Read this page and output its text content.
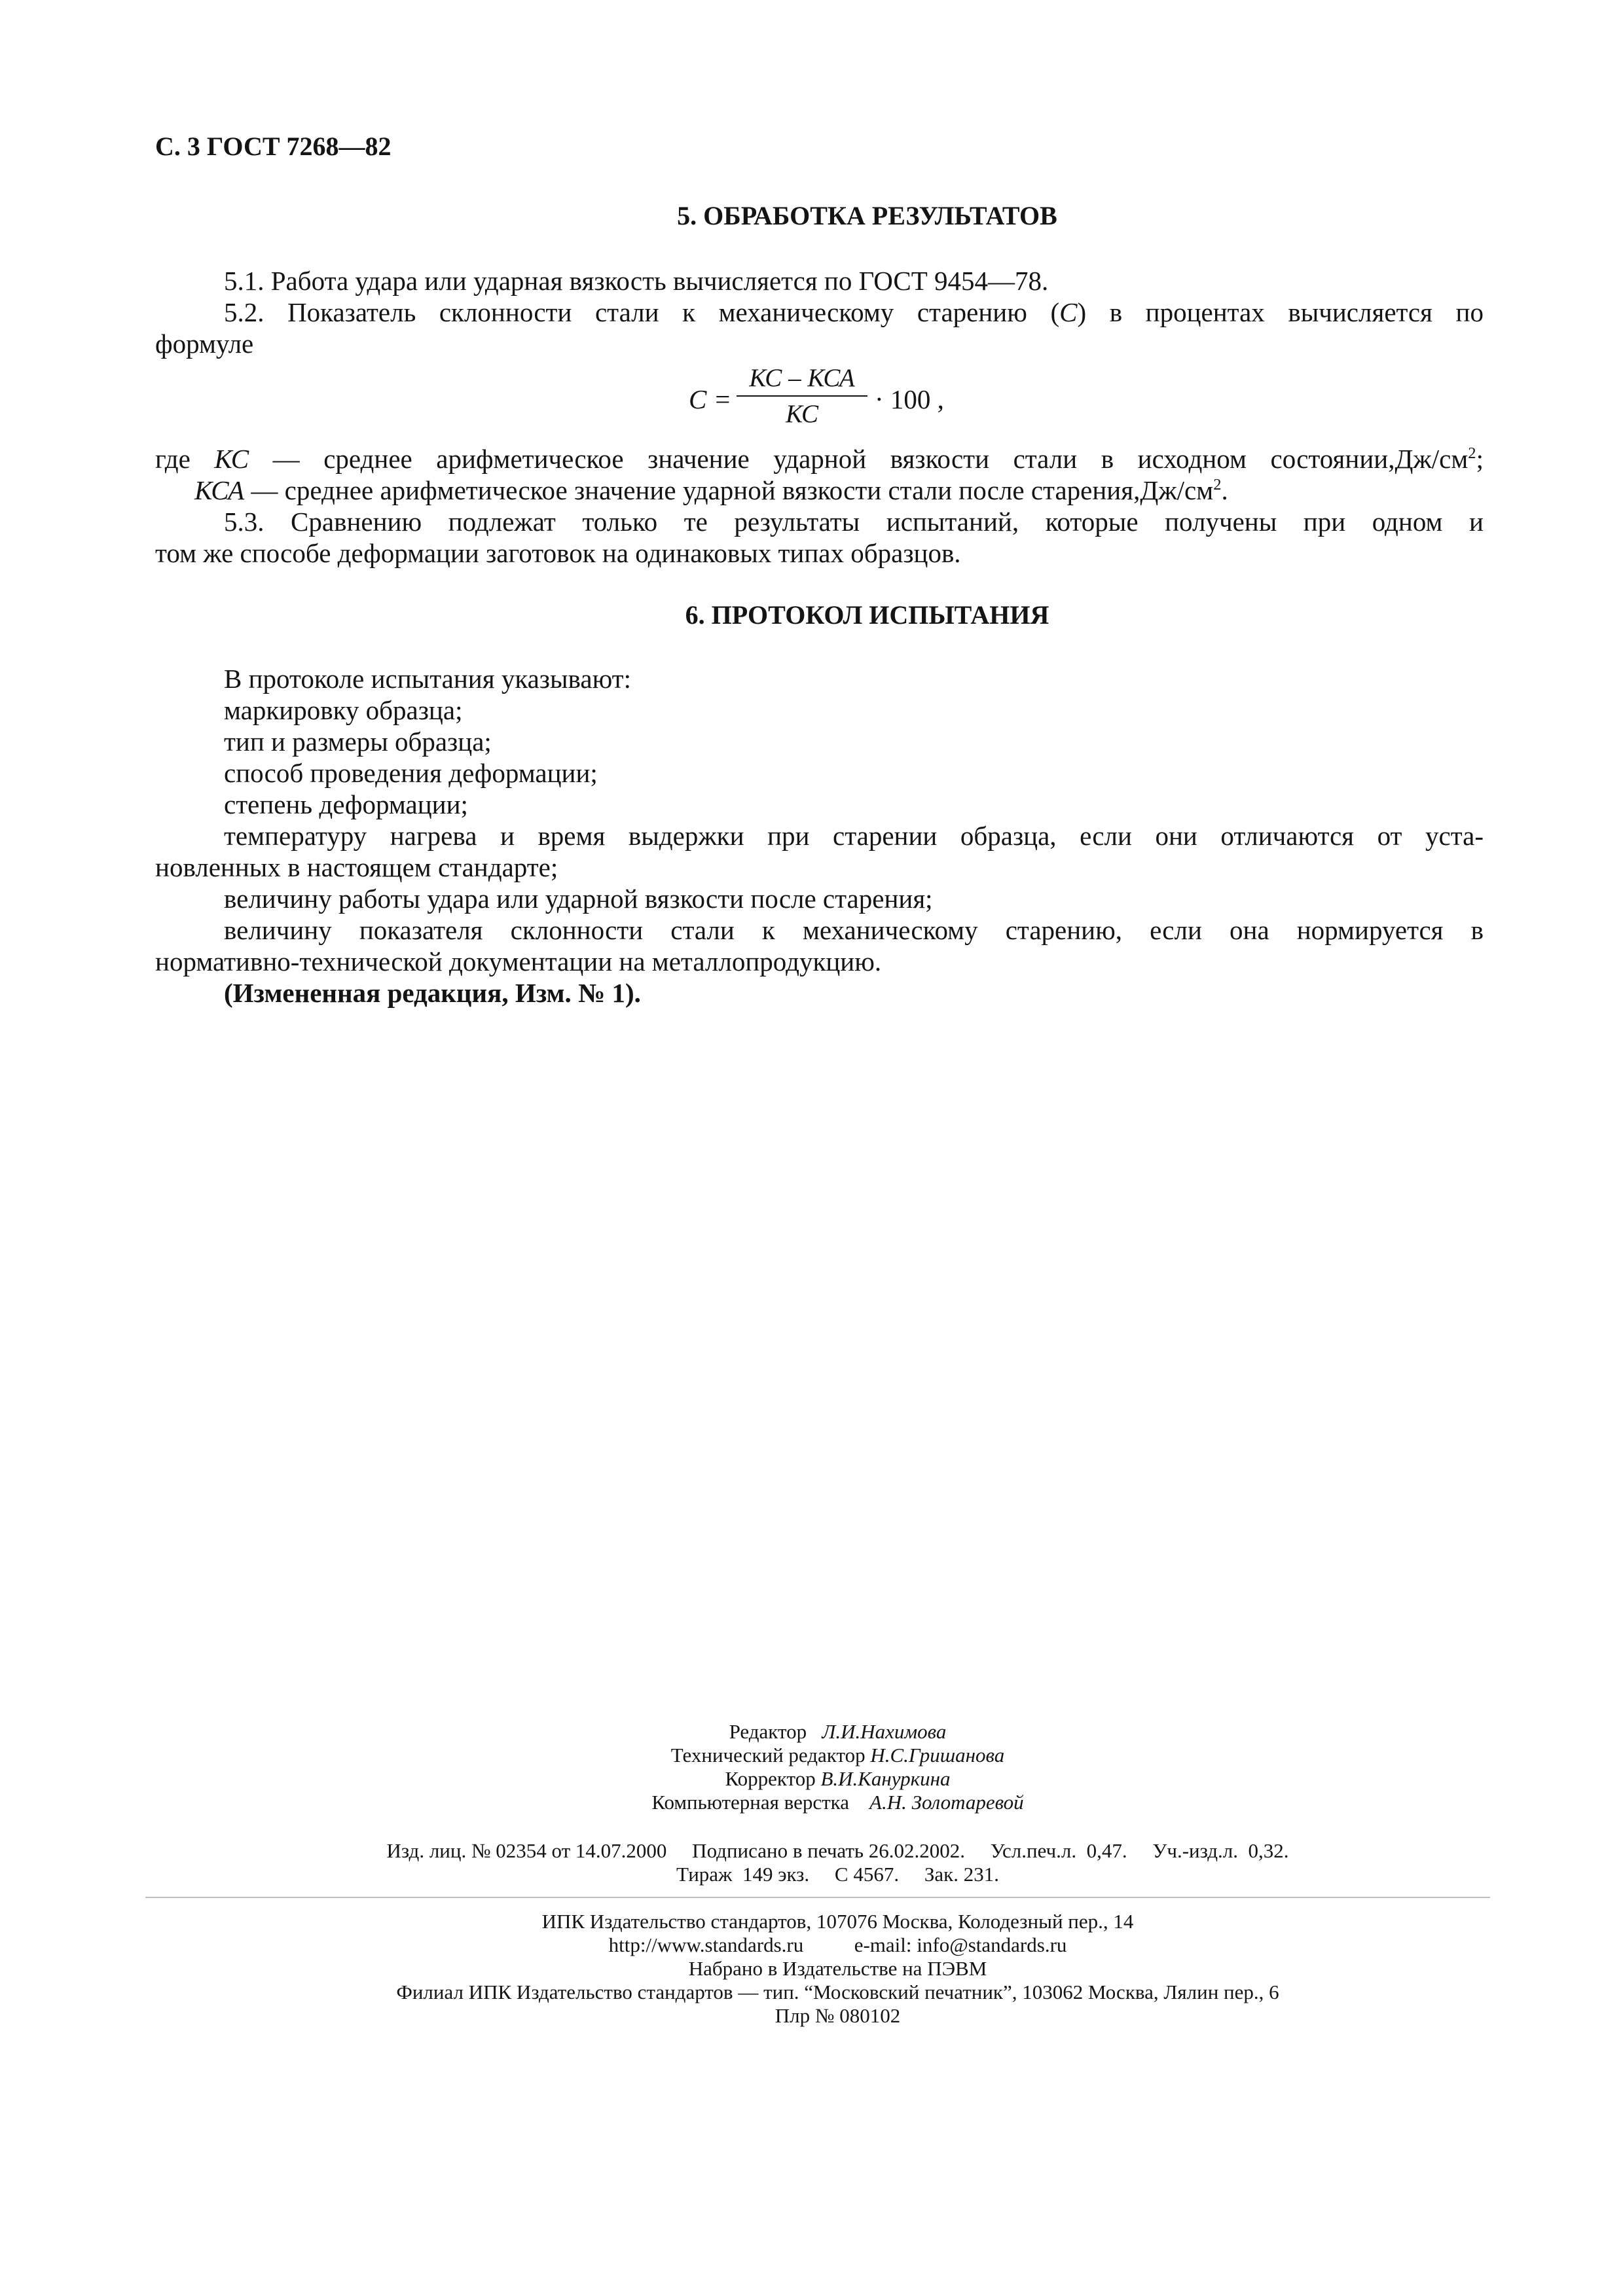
С. 3 ГОСТ 7268—82
5. ОБРАБОТКА РЕЗУЛЬТАТОВ
5.1. Работа удара или ударная вязкость вычисляется по ГОСТ 9454—78.
5.2. Показатель склонности стали к механическому старению (С) в процентах вычисляется по
формуле
С =
КС – КСА
КС	· 100 ,
где КС — среднее арифметическое значение ударной вязкости стали в исходном $состоянии,Дж/см^2$;
КСА — среднее арифметическое значение ударной вязкости стали после $старения,Дж/см^2$.
5.3. Сравнению подлежат только те результаты испытаний, которые получены при одном и
том же способе деформации заготовок на одинаковых типах образцов.
6. ПРОТОКОЛ ИСПЫТАНИЯ
В протоколе испытания указывают:
маркировку образца;
тип и размеры образца;
способ проведения деформации;
степень деформации;
температуру нагрева и время выдержки при старении образца, если они отличаются от уста-
новленных в настоящем стандарте;
величину работы удара или ударной вязкости после старения;
величину показателя склонности стали к механическому старению, если она нормируется в
нормативно-технической документации на металлопродукцию.
(Измененная редакция, Изм. № 1).
Редактор Л.И.Нахимова
Технический редактор Н.С.Гришанова
Корректор В.И.Кануркина
Компьютерная верстка А.Н. Золотаревой
Изд. лиц. № 02354 от 14.07.2000     Подписано в печать 26.02.2002.     Усл.печ.л.  0,47.     Уч.-изд.л.  0,32.
Тираж  149 экз.     С 4567.     Зак. 231.
ИПК Издательство стандартов, 107076 Москва, Колодезный пер., 14
http://www.standards.ru          e-mail: info@standards.ru
Набрано в Издательстве на ПЭВМ
Филиал ИПК Издательство стандартов — тип. “Московский печатник”, 103062 Москва, Лялин пер., 6
Плр № 080102
